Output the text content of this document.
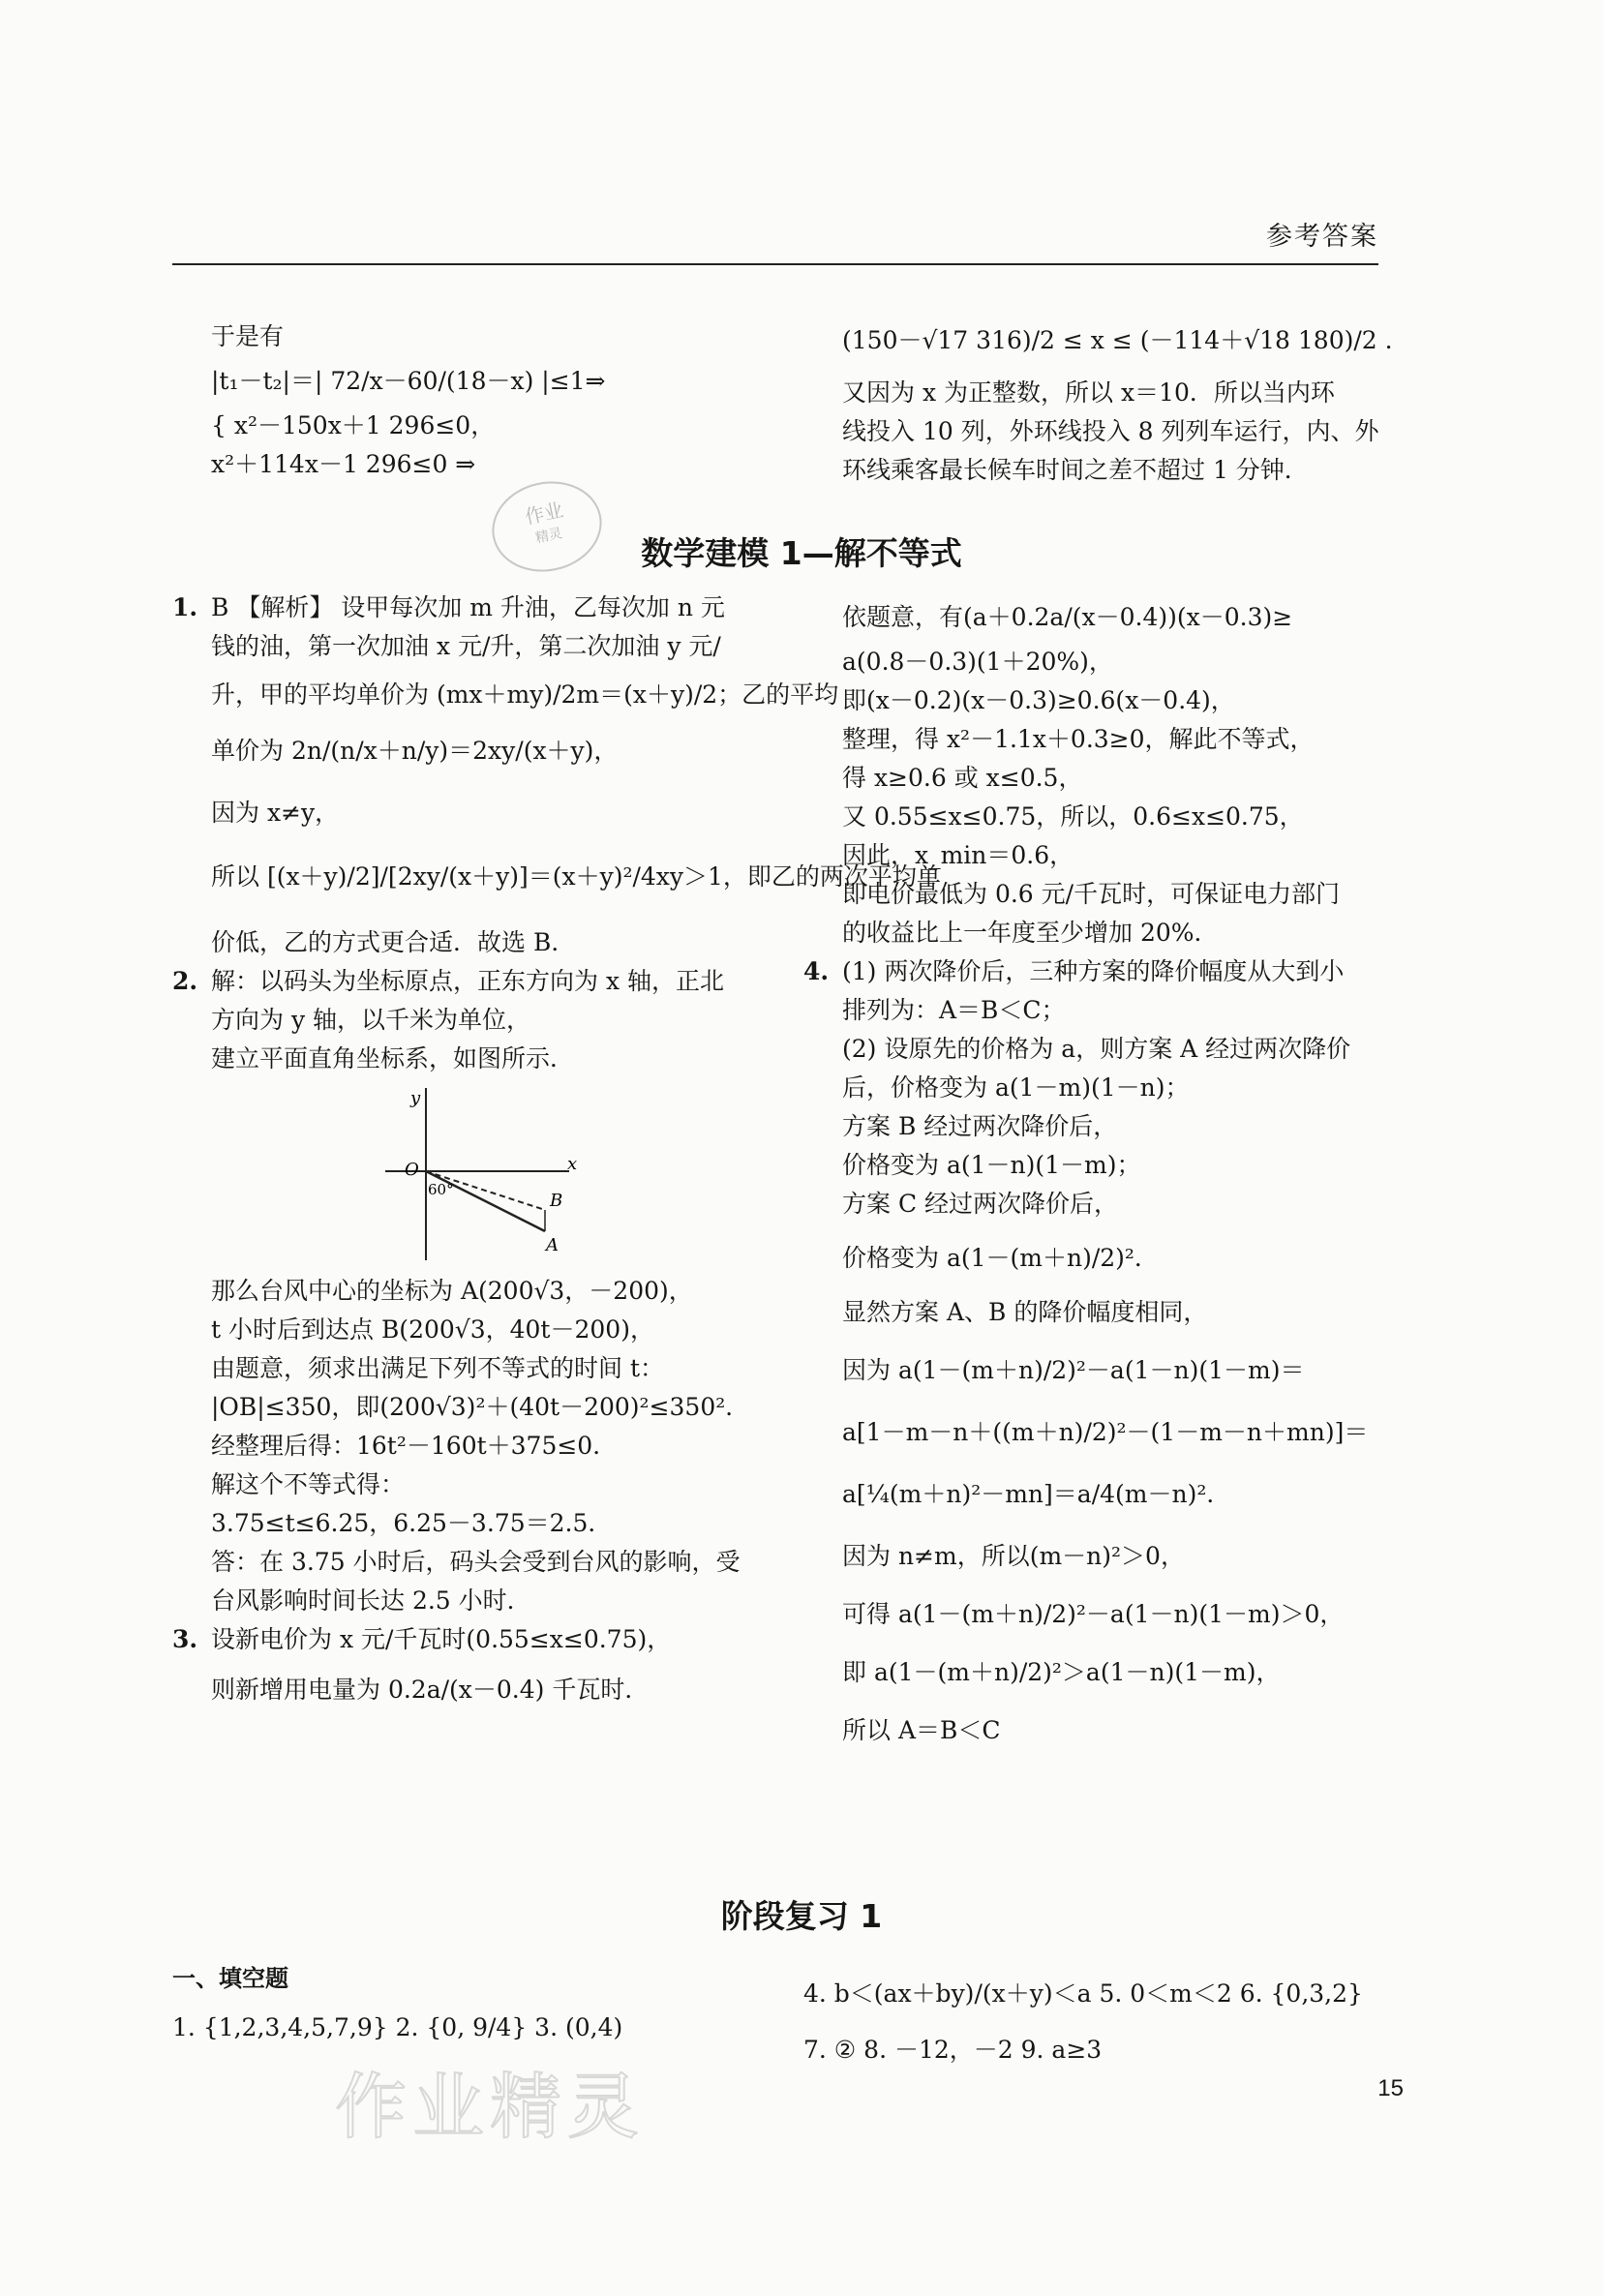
参考答案

于是有

|t₁－t₂|＝| 72/x－60/(18－x) |≤1⇒

{ x²－150x＋1 296≤0，

x²＋114x－1 296≤0 ⇒

(150－√17 316)/2 ≤ x ≤ (－114＋√18 180)/2 .

又因为 x 为正整数，所以 x＝10．所以当内环

线投入 10 列，外环线投入 8 列列车运行，内、外

环线乘客最长候车时间之差不超过 1 分钟．

作业
精灵	数学建模 1—解不等式
1. B 【解析】 设甲每次加 m 升油，乙每次加 n 元

钱的油，第一次加油 x 元/升，第二次加油 y 元/

升，甲的平均单价为 (mx＋my)/2m＝(x＋y)/2；乙的平均

单价为 2n/(n/x＋n/y)＝2xy/(x＋y)，

因为 x≠y，

所以 [(x＋y)/2]/[2xy/(x＋y)]＝(x＋y)²/4xy＞1，即乙的两次平均单

价低，乙的方式更合适．故选 B．

2. 解：以码头为坐标原点，正东方向为 x 轴，正北

方向为 y 轴，以千米为单位，

建立平面直角坐标系，如图所示．

y
x
O
B
A
60°

那么台风中心的坐标为 A(200√3，－200)，

t 小时后到达点 B(200√3，40t－200)，

由题意，须求出满足下列不等式的时间 t：

|OB|≤350，即(200√3)²＋(40t－200)²≤350²．

经整理后得：16t²－160t＋375≤0．

解这个不等式得：

3.75≤t≤6.25，6.25－3.75＝2.5．

答：在 3.75 小时后，码头会受到台风的影响，受

台风影响时间长达 2.5 小时．

3. 设新电价为 x 元/千瓦时(0.55≤x≤0.75)，

则新增用电量为 0.2a/(x－0.4) 千瓦时．

依题意，有(a＋0.2a/(x－0.4))(x－0.3)≥

a(0.8－0.3)(1＋20%)，

即(x－0.2)(x－0.3)≥0.6(x－0.4)，

整理，得 x²－1.1x＋0.3≥0，解此不等式，

得 x≥0.6 或 x≤0.5，

又 0.55≤x≤0.75，所以，0.6≤x≤0.75，

因此，x_min＝0.6，

即电价最低为 0.6 元/千瓦时，可保证电力部门

的收益比上一年度至少增加 20%．

4. (1) 两次降价后，三种方案的降价幅度从大到小

排列为：A＝B＜C；

(2) 设原先的价格为 a，则方案 A 经过两次降价

后，价格变为 a(1－m)(1－n)；

方案 B 经过两次降价后，

价格变为 a(1－n)(1－m)；

方案 C 经过两次降价后，

价格变为 a(1－(m＋n)/2)²．

显然方案 A、B 的降价幅度相同，

因为 a(1－(m＋n)/2)²－a(1－n)(1－m)＝

a[1－m－n＋((m＋n)/2)²－(1－m－n＋mn)]＝

a[¼(m＋n)²－mn]＝a/4(m－n)²．

因为 n≠m，所以(m－n)²＞0，

可得 a(1－(m＋n)/2)²－a(1－n)(1－m)＞0，

即 a(1－(m＋n)/2)²＞a(1－n)(1－m)，

所以 A＝B＜C

阶段复习 1
一、填空题
1. {1,2,3,4,5,7,9} 2. {0, 9/4} 3. (0,4)
4. b＜(ax＋by)/(x＋y)＜a 5. 0＜m＜2 6. {0,3,2}
7. ② 8. －12，－2 9. a≥3
作业精灵	15
